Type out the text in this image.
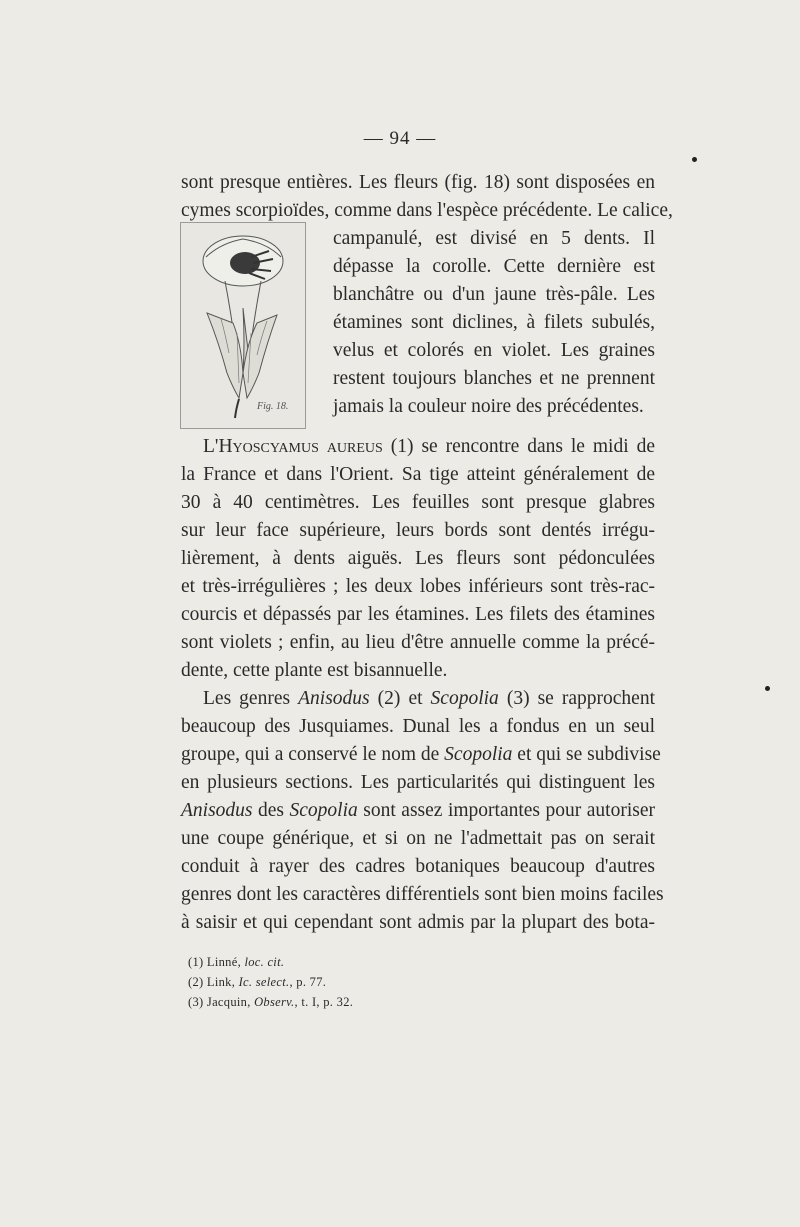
— 94 —
sont presque entières. Les fleurs (fig. 18) sont disposées en
cymes scorpioïdes, comme dans l'espèce précédente. Le calice,
Fig. 18.
campanulé, est divisé en 5 dents. Il
dépasse la corolle. Cette dernière est
blanchâtre ou d'un jaune très-pâle. Les
étamines sont diclines, à filets subulés,
velus et colorés en violet. Les graines
restent toujours blanches et ne prennent
jamais la couleur noire des précédentes.
L'Hyoscyamus aureus (1) se rencontre dans le midi de
la France et dans l'Orient. Sa tige atteint généralement de
30 à 40 centimètres. Les feuilles sont presque glabres
sur leur face supérieure, leurs bords sont dentés irrégu-
lièrement, à dents aiguës. Les fleurs sont pédonculées
et très-irrégulières ; les deux lobes inférieurs sont très-rac-
courcis et dépassés par les étamines. Les filets des étamines
sont violets ; enfin, au lieu d'être annuelle comme la précé-
dente, cette plante est bisannuelle.
Les genres Anisodus (2) et Scopolia (3) se rapprochent
beaucoup des Jusquiames. Dunal les a fondus en un seul
groupe, qui a conservé le nom de Scopolia et qui se subdivise
en plusieurs sections. Les particularités qui distinguent les
Anisodus des Scopolia sont assez importantes pour autoriser
une coupe générique, et si on ne l'admettait pas on serait
conduit à rayer des cadres botaniques beaucoup d'autres
genres dont les caractères différentiels sont bien moins faciles
à saisir et qui cependant sont admis par la plupart des bota-
(1) Linné, loc. cit.
(2) Link, Ic. select., p. 77.
(3) Jacquin, Observ., t. I, p. 32.
